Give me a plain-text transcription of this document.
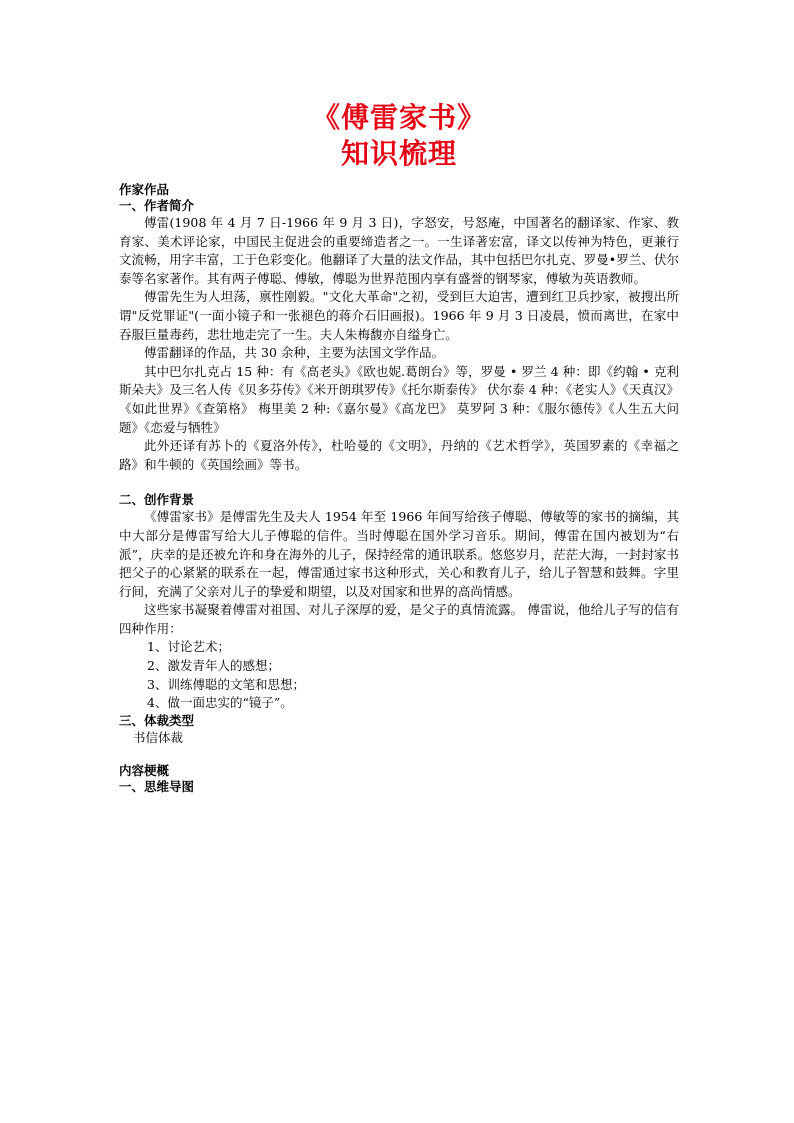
《傅雷家书》
知识梳理

作家作品

一、作者简介

傅雷(1908 年 4 月 7 日-1966 年 9 月 3 日)，字怒安，号怒庵，中国著名的翻译家、作家、教育家、美术评论家，中国民主促进会的重要缔造者之一。一生译著宏富，译文以传神为特色，更兼行文流畅，用字丰富，工于色彩变化。他翻译了大量的法文作品，其中包括巴尔扎克、罗曼•罗兰、伏尔泰等名家著作。其有两子傅聪、傅敏，傅聪为世界范围内享有盛誉的钢琴家，傅敏为英语教师。

傅雷先生为人坦荡，禀性刚毅。"文化大革命"之初，受到巨大迫害，遭到红卫兵抄家，被搜出所谓"反党罪证"(一面小镜子和一张褪色的蒋介石旧画报)。1966 年 9 月 3 日凌晨，愤而离世，在家中吞服巨量毒药，悲壮地走完了一生。夫人朱梅馥亦自缢身亡。

傅雷翻译的作品，共 30 余种，主要为法国文学作品。

其中巴尔扎克占 15 种：有《高老头》《欧也妮.葛朗台》等，罗曼 • 罗兰 4 种：即《约翰 • 克利斯朵夫》及三名人传《贝多芬传》《米开朗琪罗传》《托尔斯泰传》 伏尔泰 4 种：《老实人》《天真汉》《如此世界》《查第格》 梅里美 2 种:《嘉尔曼》《高龙巴》 莫罗阿 3 种：《服尔德传》《人生五大问题》《恋爱与牺牲》

此外还译有苏卜的《夏洛外传》，杜哈曼的《文明》，丹纳的《艺术哲学》，英国罗素的《幸福之路》和牛顿的《英国绘画》等书。

二、创作背景

《傅雷家书》是傅雷先生及夫人 1954 年至 1966 年间写给孩子傅聪、傅敏等的家书的摘编，其中大部分是傅雷写给大儿子傅聪的信件。当时傅聪在国外学习音乐。期间，傅雷在国内被划为“右派”，庆幸的是还被允许和身在海外的儿子，保持经常的通讯联系。悠悠岁月，茫茫大海，一封封家书把父子的心紧紧的联系在一起，傅雷通过家书这种形式，关心和教育儿子，给儿子智慧和鼓舞。字里行间，充满了父亲对儿子的挚爱和期望，以及对国家和世界的高尚情感。

这些家书凝聚着傅雷对祖国、对儿子深厚的爱，是父子的真情流露。 傅雷说，他给儿子写的信有四种作用：

1、讨论艺术；

2、激发青年人的感想；

3、训练傅聪的文笔和思想；

4、做一面忠实的“镜子”。

三、体裁类型

书信体裁

内容梗概

一、思维导图
